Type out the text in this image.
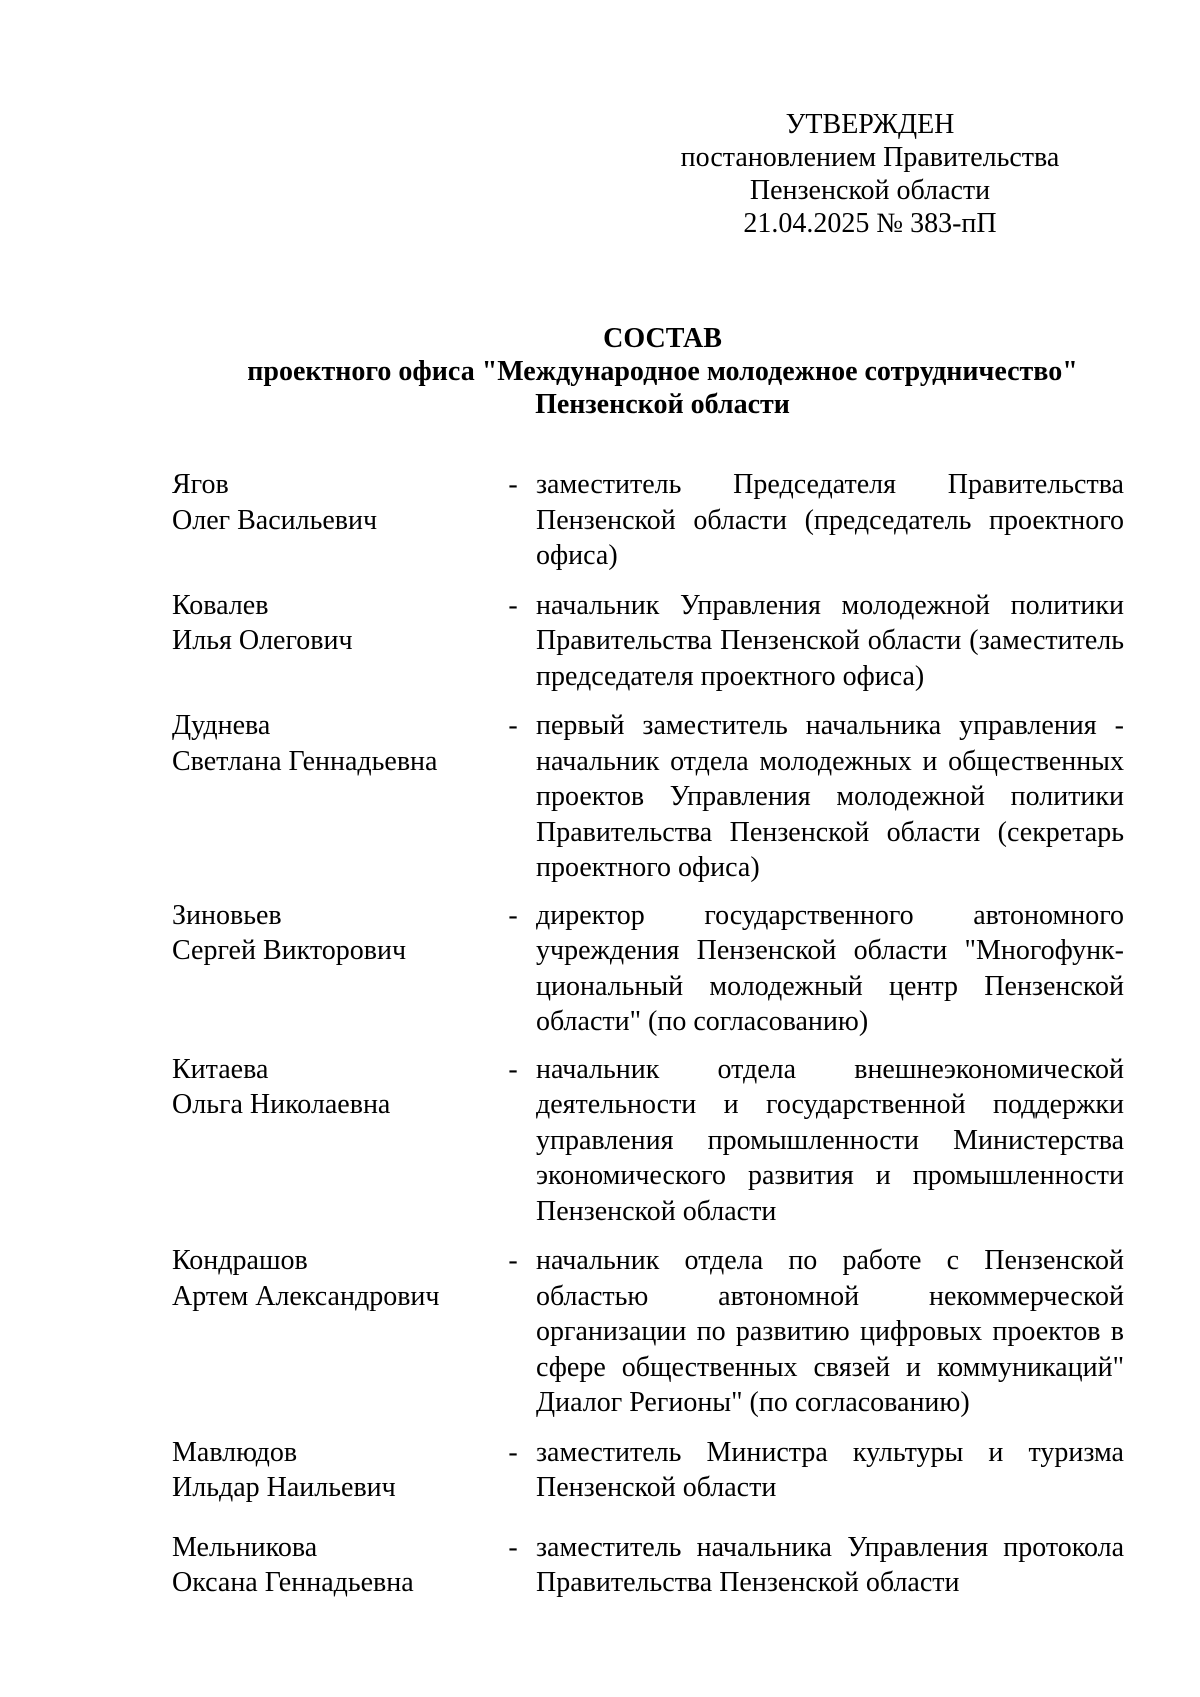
УТВЕРЖДЕН
постановлением Правительства
Пензенской области
21.04.2025 № 383-пП
СОСТАВ
проектного офиса "Международное молодежное сотрудничество"
Пензенской области
Ягов
Олег Васильевич
- заместитель Председателя Правительства Пензенской области (председатель проектного офиса)
Ковалев
Илья Олегович
- начальник Управления молодежной политики Правительства Пензенской области (заместитель председателя проектного офиса)
Дуднева
Светлана Геннадьевна
- первый заместитель начальника управления - начальник отдела молодежных и общественных проектов Управления молодежной политики Правительства Пензенской области (секретарь проектного офиса)
Зиновьев
Сергей Викторович
- директор государственного автономного учреждения Пензенской области "Многофунк-циональный молодежный центр Пензенской области" (по согласованию)
Китаева
Ольга Николаевна
- начальник отдела внешнеэкономической деятельности и государственной поддержки управления промышленности Министерства экономического развития и промышленности Пензенской области
Кондрашов
Артем Александрович
- начальник отдела по работе с Пензенской областью автономной некоммерческой организации по развитию цифровых проектов в сфере общественных связей и коммуникаций" Диалог Регионы" (по согласованию)
Мавлюдов
Ильдар Наильевич
- заместитель Министра культуры и туризма Пензенской области
Мельникова
Оксана Геннадьевна
- заместитель начальника Управления протокола Правительства Пензенской области
